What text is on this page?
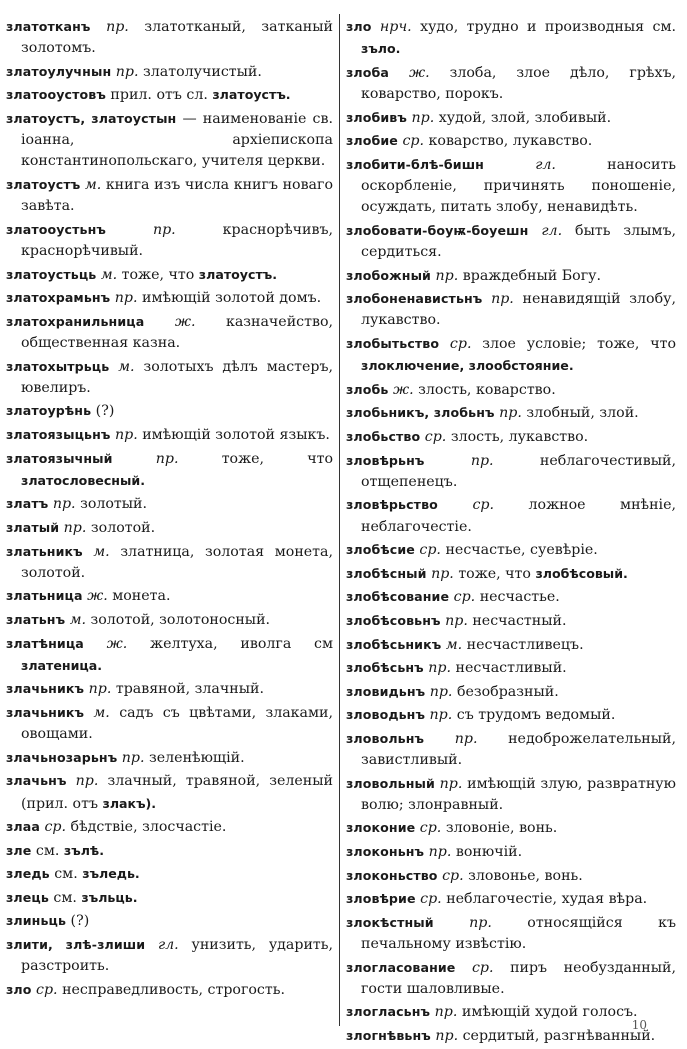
златотканъ пр. златотканый, затканый золотомъ.
златоулучнын пр. златолучистый.
златооустовъ прил. отъ сл. златоустъ.
златоустъ, златоустын — наименованіе св. іоанна, архіепископа константинопольскаго, учителя церкви.
златоустъ м. книга изъ числа книгъ новаго завѣта.
златооустьнъ	пр.	краснорѣчивъ, краснорѣчивый.
златоустьць м. тоже, что златоустъ.
златохрамьнъ пр. имѣющій золотой домъ.
златохранильница ж. казначейство, общественная казна.
златохытрьць м. золотыхъ дѣлъ мастеръ, ювелиръ.
златоурѣнь (?)
златоязыцьнъ пр. имѣющій золотой языкъ.
златоязычный	пр.	тоже, что златословесный.
златъ пр. золотый.
златый пр. золотой.
златьникъ м. златница, золотая монета, золотой.
златьница ж. монета.
златьнъ м. золотой, золотоносный.
златѣница ж. желтуха, иволга см златеница.
злачьникъ пр. травяной, злачный.
злачьникъ м. садъ съ цвѣтами, злаками, овощами.
злачьнозарьнъ пр. зеленѣющій.
злачьнъ пр. злачный, травяной, зеленый (прил. отъ злакъ).
злаа ср. бѣдствіе, злосчастіе.
зле см. зълѣ.
зледь см. зъледь.
злець см. зъльць.
злиньць (?)
злити, злѣ-злиши гл. унизить, ударить, разстроить.
зло ср. несправедливость, строгость.
зло нрч. худо, трудно и производныя см. зъло.
злоба ж. злоба, злое дѣло, грѣхъ, коварство, порокъ.
злобивъ пр. худой, злой, злобивый.
злобие ср. коварство, лукавство.
злобити-блѣ-бишн	гл.	наносить оскорбленіе, причинять поношеніе, осуждать, питать злобу, ненавидѣть.
злобовати-боуѭ-боуешн гл. быть злымъ, сердиться.
злобожный пр. враждебный Богу.
злобоненавистьнъ пр. ненавидящій злобу, лукавство.
злобытьство ср. злое условіе; тоже, что злоключение, злообстояние.
злобь ж. злость, коварство.
злобьникъ, злобьнъ пр. злобный, злой.
злобьство ср. злость, лукавство.
зловѣрьнъ	пр.	неблагочестивый, отщепенецъ.
зловѣрьство ср. ложное мнѣніе, неблагочестіе.
злобѣсие ср. несчастье, суевѣріе.
злобѣсный пр. тоже, что злобѣсовый.
злобѣсование ср. несчастье.
злобѣсовьнъ пр. несчастный.
злобѣсьникъ м. несчастливецъ.
злобѣсьнъ пр. несчастливый.
зловидьнъ пр. безобразный.
зловодьнъ пр. съ трудомъ ведомый.
зловольнъ пр. недоброжелательный, завистливый.
зловольный пр. имѣющій злую, развратную волю; злонравный.
злоконие ср. зловоніе, вонь.
злоконьнъ пр. вонючій.
злоконьство ср. зловонье, вонь.
зловѣрие ср. неблагочестіе, худая вѣра.
злокѣстный пр. относящійся къ печальному извѣстію.
злогласование ср. пиръ необузданный, гости шаловливые.
злогласьнъ пр. имѣющій худой голосъ.
злогнѣвьнъ пр. сердитый, разгнѣванный.
10
